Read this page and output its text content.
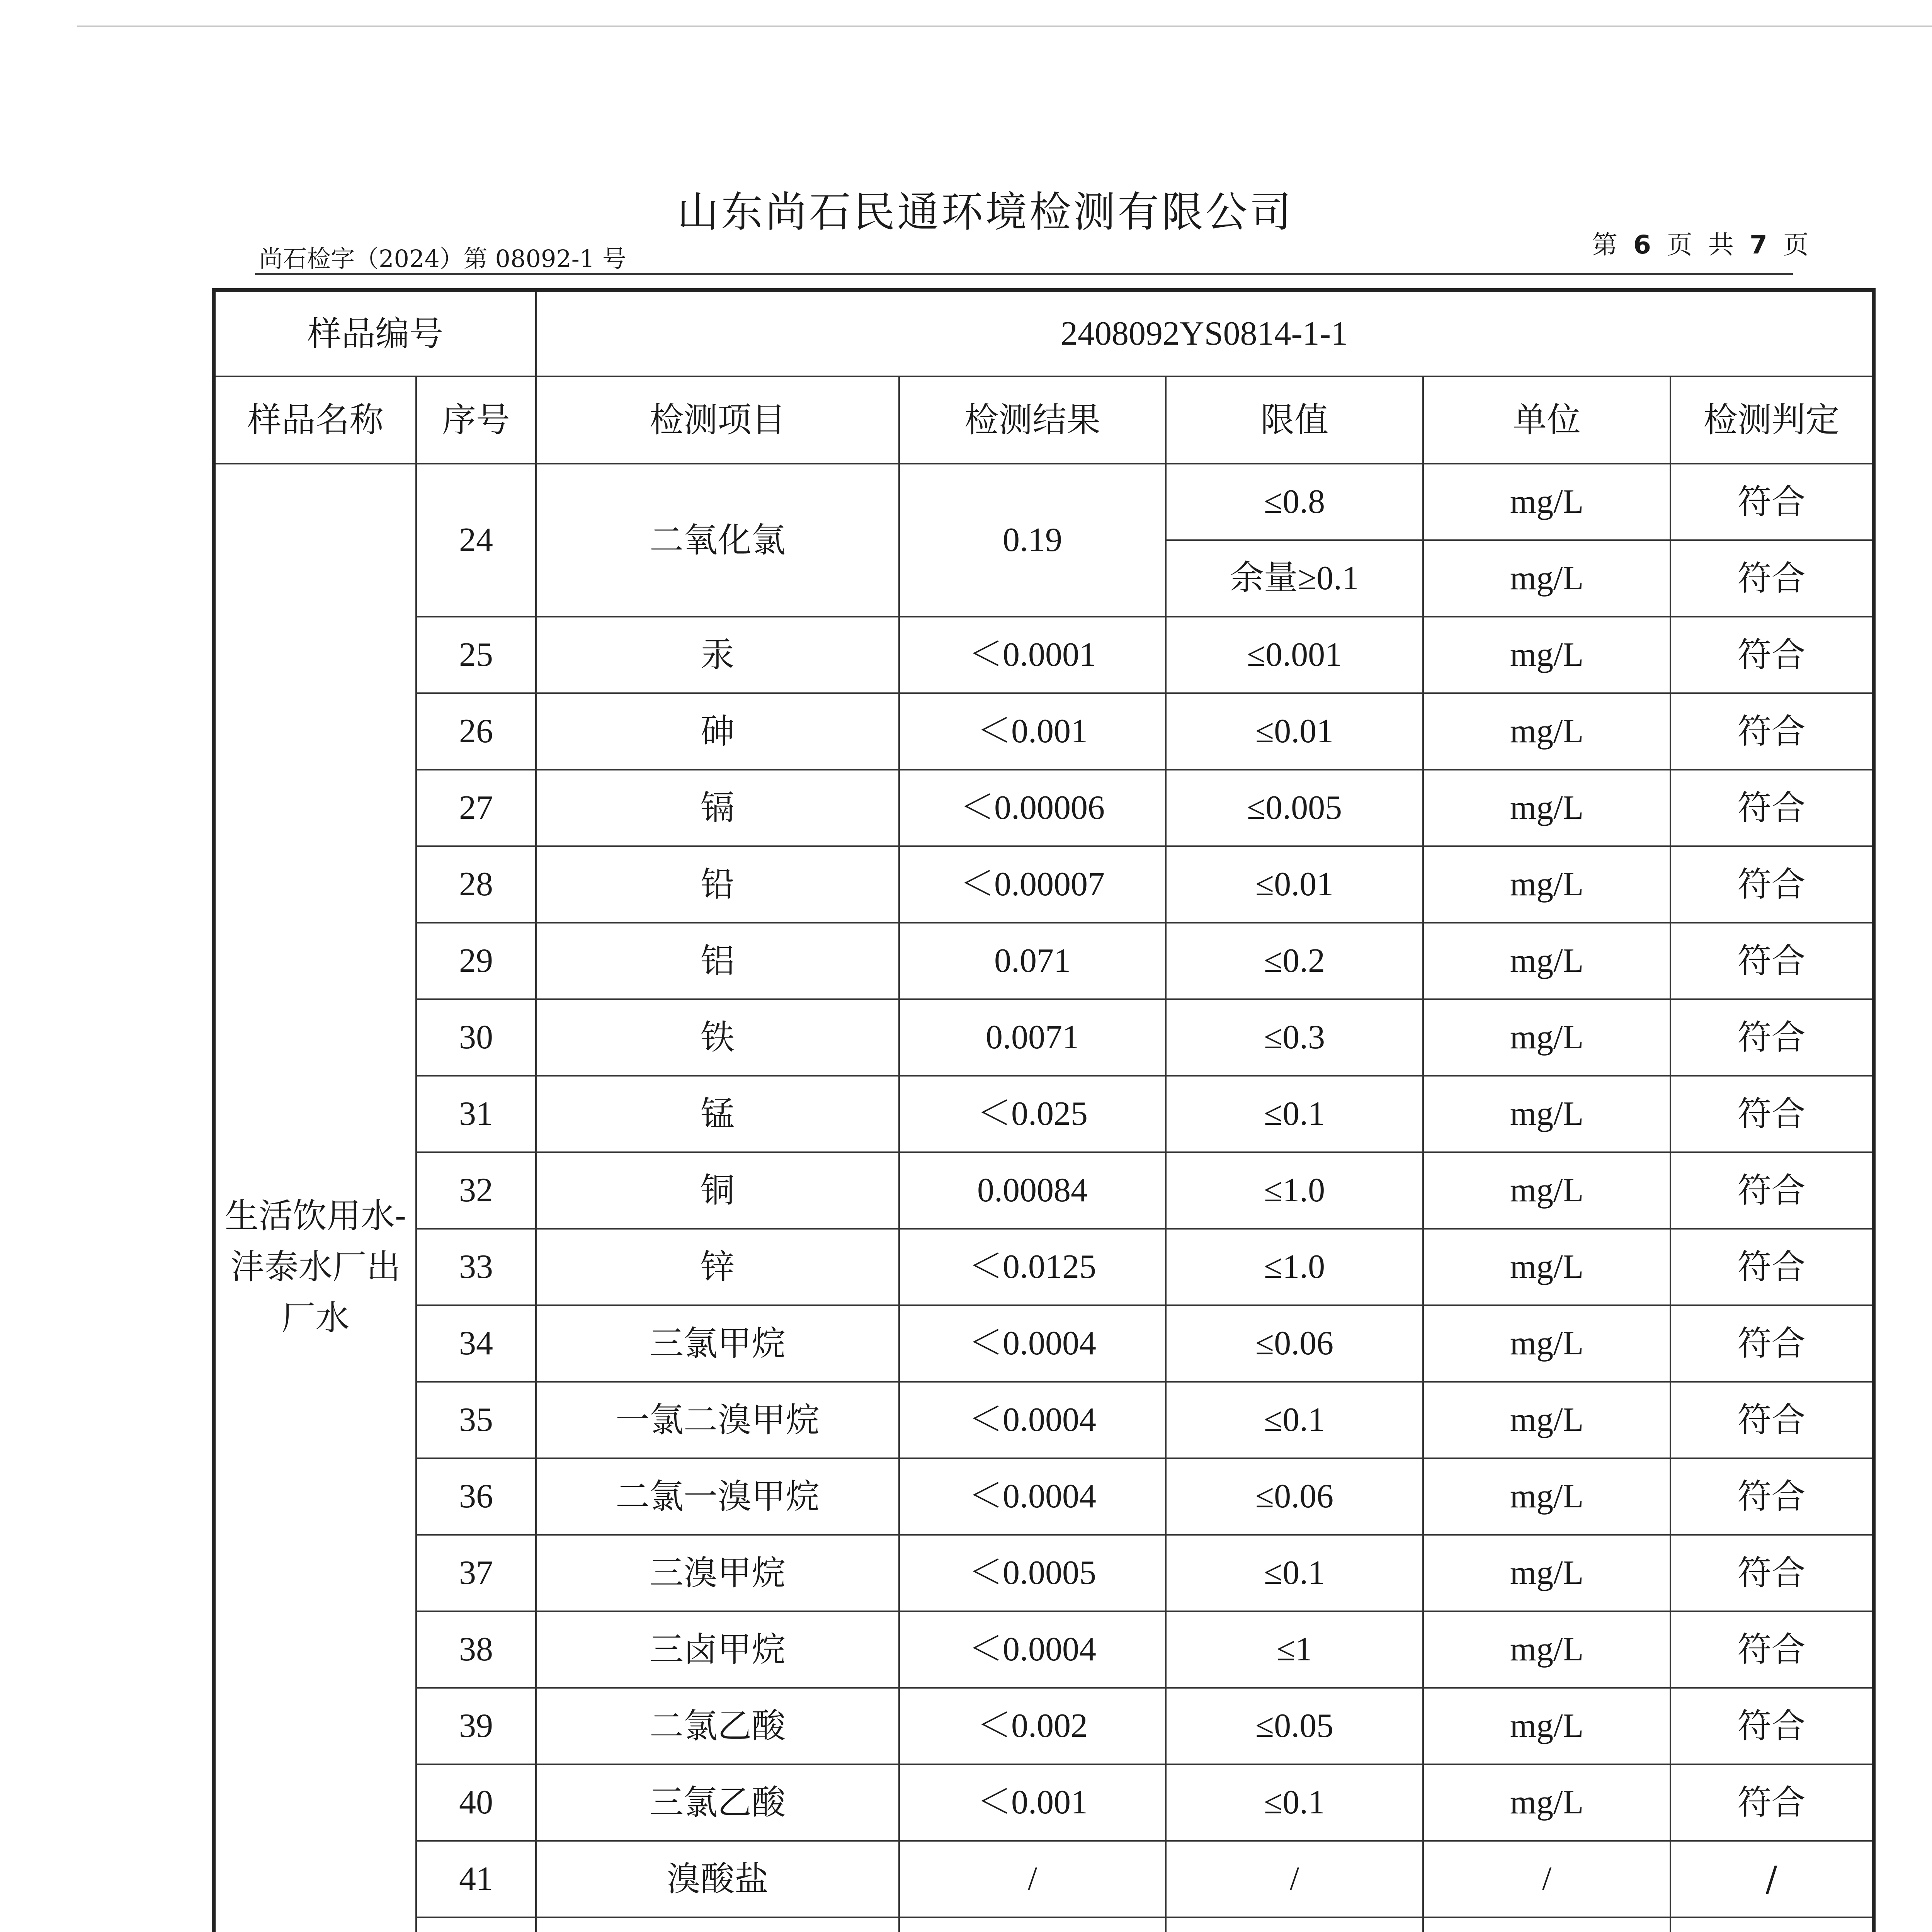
山东尚石民通环境检测有限公司
尚石检字（2024）第 08092-1 号	第 6 页 共 7 页
样品编号		2408092YS0814-1-1				
样品名称	序号	检测项目	检测结果	限值	单位	检测判定
生活饮用水-沣泰水厂出厂水	24	二氧化氯	0.19	≤0.8	mg/L	符合
				余量≥0.1	mg/L	符合
	25	汞	＜0.0001	≤0.001	mg/L	符合
	26	砷	＜0.001	≤0.01	mg/L	符合
	27	镉	＜0.00006	≤0.005	mg/L	符合
	28	铅	＜0.00007	≤0.01	mg/L	符合
	29	铝	0.071	≤0.2	mg/L	符合
	30	铁	0.0071	≤0.3	mg/L	符合
	31	锰	＜0.025	≤0.1	mg/L	符合
	32	铜	0.00084	≤1.0	mg/L	符合
	33	锌	＜0.0125	≤1.0	mg/L	符合
	34	三氯甲烷	＜0.0004	≤0.06	mg/L	符合
	35	一氯二溴甲烷	＜0.0004	≤0.1	mg/L	符合
	36	二氯一溴甲烷	＜0.0004	≤0.06	mg/L	符合
	37	三溴甲烷	＜0.0005	≤0.1	mg/L	符合
	38	三卤甲烷	＜0.0004	≤1	mg/L	符合
	39	二氯乙酸	＜0.002	≤0.05	mg/L	符合
	40	三氯乙酸	＜0.001	≤0.1	mg/L	符合
	41	溴酸盐	/	/	/	/
